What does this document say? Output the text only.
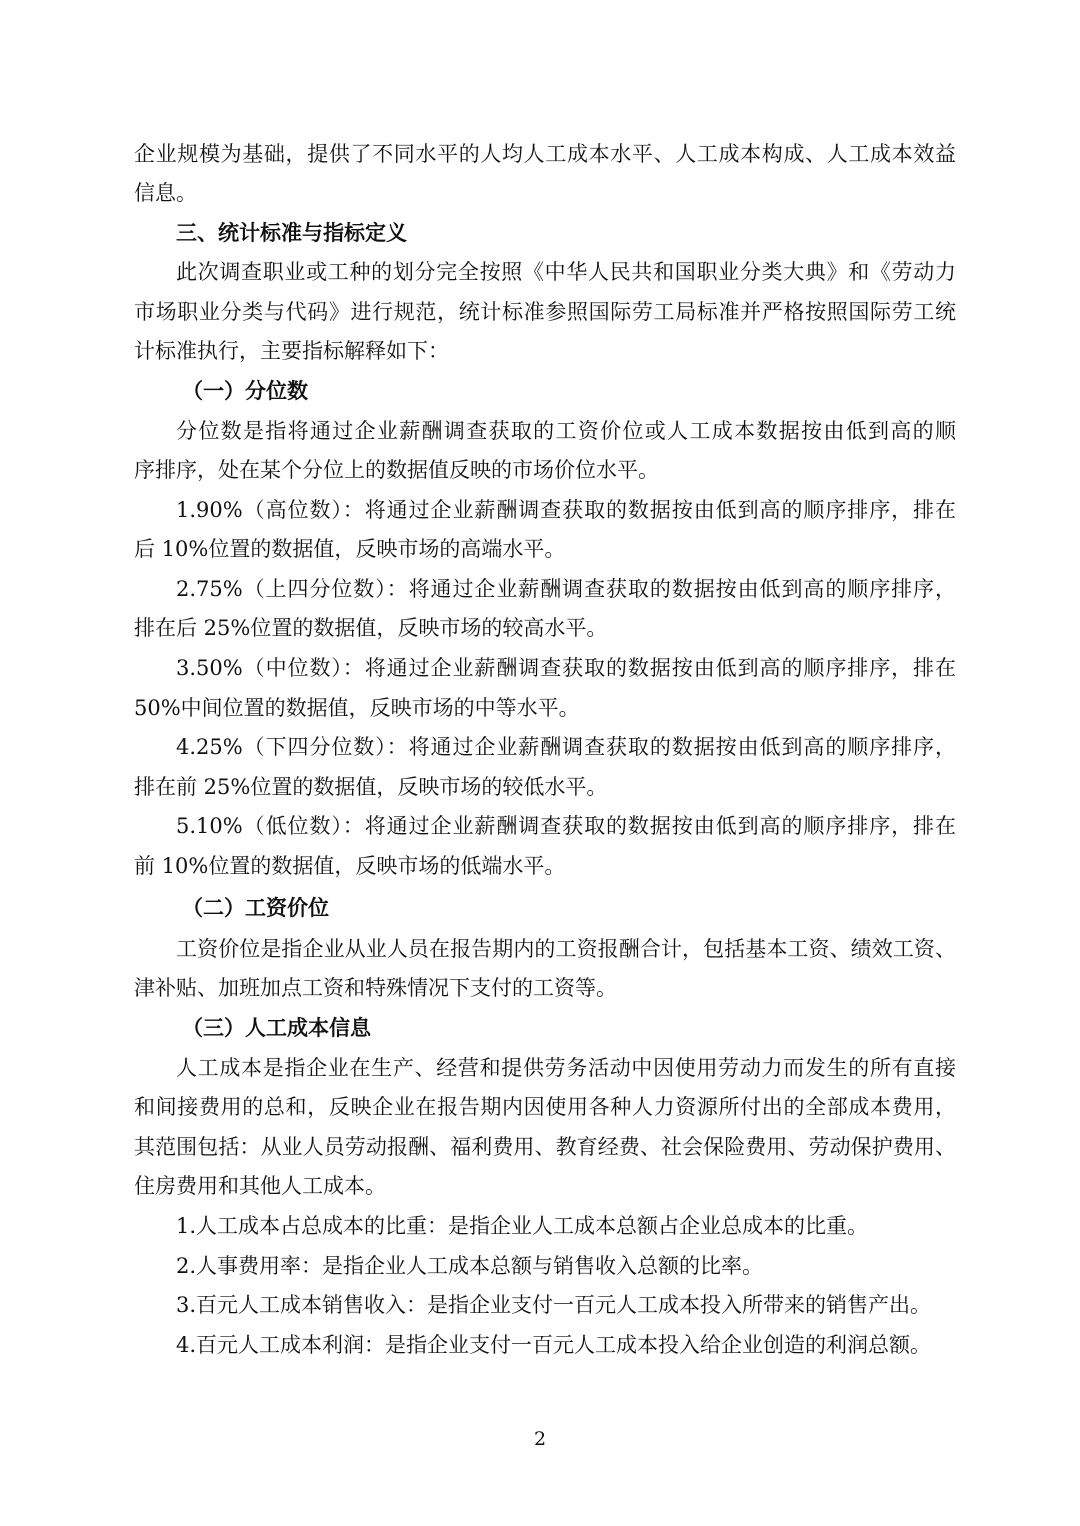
企业规模为基础，提供了不同水平的人均人工成本水平、人工成本构成、人工成本效益
信息。
三、统计标准与指标定义
此次调查职业或工种的划分完全按照《中华人民共和国职业分类大典》和《劳动力
市场职业分类与代码》进行规范，统计标准参照国际劳工局标准并严格按照国际劳工统
计标准执行，主要指标解释如下：
（一）分位数
分位数是指将通过企业薪酬调查获取的工资价位或人工成本数据按由低到高的顺
序排序，处在某个分位上的数据值反映的市场价位水平。
1.90%（高位数）：将通过企业薪酬调查获取的数据按由低到高的顺序排序，排在
后 10%位置的数据值，反映市场的高端水平。
2.75%（上四分位数）：将通过企业薪酬调查获取的数据按由低到高的顺序排序，
排在后 25%位置的数据值，反映市场的较高水平。
3.50%（中位数）：将通过企业薪酬调查获取的数据按由低到高的顺序排序，排在
50%中间位置的数据值，反映市场的中等水平。
4.25%（下四分位数）：将通过企业薪酬调查获取的数据按由低到高的顺序排序，
排在前 25%位置的数据值，反映市场的较低水平。
5.10%（低位数）：将通过企业薪酬调查获取的数据按由低到高的顺序排序，排在
前 10%位置的数据值，反映市场的低端水平。
（二）工资价位
工资价位是指企业从业人员在报告期内的工资报酬合计，包括基本工资、绩效工资、
津补贴、加班加点工资和特殊情况下支付的工资等。
（三）人工成本信息
人工成本是指企业在生产、经营和提供劳务活动中因使用劳动力而发生的所有直接
和间接费用的总和，反映企业在报告期内因使用各种人力资源所付出的全部成本费用，
其范围包括：从业人员劳动报酬、福利费用、教育经费、社会保险费用、劳动保护费用、
住房费用和其他人工成本。
1.人工成本占总成本的比重：是指企业人工成本总额占企业总成本的比重。
2.人事费用率：是指企业人工成本总额与销售收入总额的比率。
3.百元人工成本销售收入：是指企业支付一百元人工成本投入所带来的销售产出。
4.百元人工成本利润：是指企业支付一百元人工成本投入给企业创造的利润总额。
2
